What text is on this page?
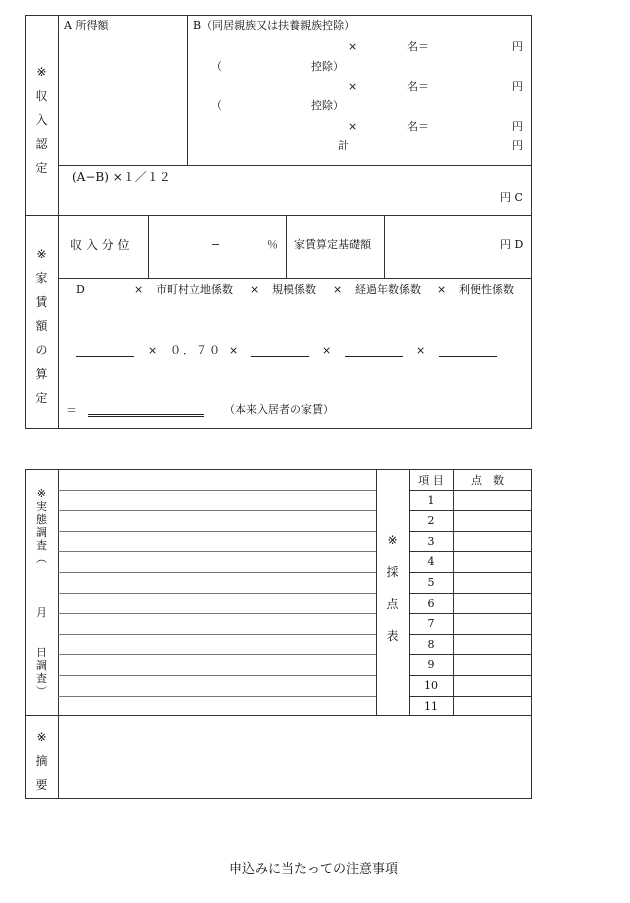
※
収
入
認
定
A 所得額	B（同居親族又は扶養親族控除）
×	名＝	円
（	控除）
×	名＝	円
（	控除）
×	名＝	円
計	円
(A−B) ×１／１２
円 C
※
家
賃
額
の
算
定
収 入 分 位	−	％ 家賃算定基礎額	円 D
D	× 市町村立地係数 × 規模係数 × 経過年数係数 × 利便性係数
× ０．７０ ×	×	×
＝	（本来入居者の家賃）
※
実
態
調
査
︵
月
日
調
査
︶
※
採
点
表
項 目	点　数
1
2
3
4
5
6
7
8
9
10
11
※
摘
要
申込みに当たっての注意事項
